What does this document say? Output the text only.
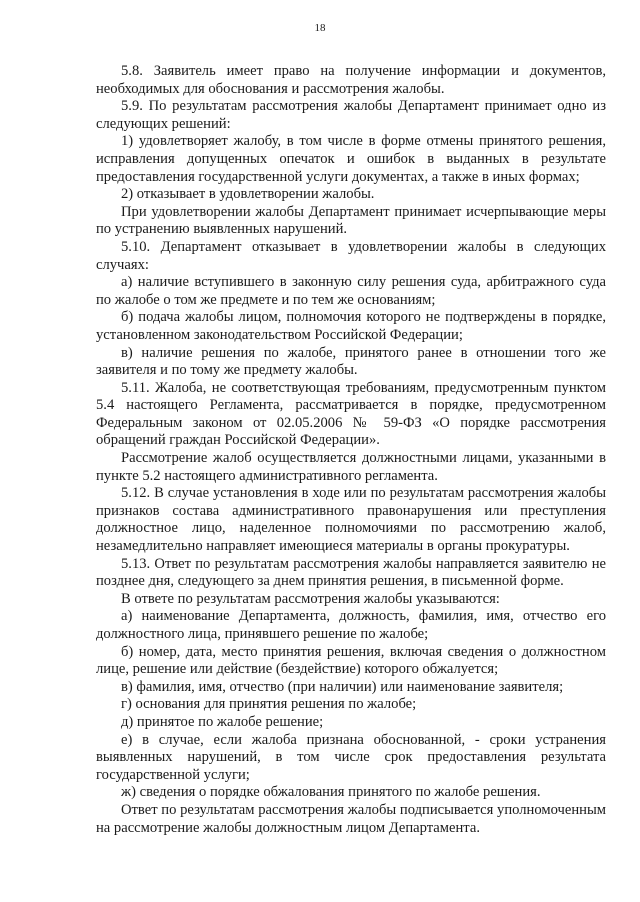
18

5.8. Заявитель имеет право на получение информации и документов, необходимых для обоснования и рассмотрения жалобы.

5.9. По результатам рассмотрения жалобы Департамент принимает одно из следующих решений:

1) удовлетворяет жалобу, в том числе в форме отмены принятого решения, исправления допущенных опечаток и ошибок в выданных в результате предоставления государственной услуги документах, а также в иных формах;

2) отказывает в удовлетворении жалобы.

При удовлетворении жалобы Департамент принимает исчерпывающие меры по устранению выявленных нарушений.

5.10. Департамент отказывает в удовлетворении жалобы в следующих случаях:

а) наличие вступившего в законную силу решения суда, арбитражного суда по жалобе о том же предмете и по тем же основаниям;

б) подача жалобы лицом, полномочия которого не подтверждены в порядке, установленном законодательством Российской Федерации;

в) наличие решения по жалобе, принятого ранее в отношении того же заявителя и по тому же предмету жалобы.

5.11. Жалоба, не соответствующая требованиям, предусмотренным пунктом 5.4 настоящего Регламента, рассматривается в порядке, предусмотренном Федеральным законом от 02.05.2006 № 59-ФЗ «О порядке рассмотрения обращений граждан Российской Федерации».

Рассмотрение жалоб осуществляется должностными лицами, указанными в пункте 5.2 настоящего административного регламента.

5.12. В случае установления в ходе или по результатам рассмотрения жалобы признаков состава административного правонарушения или преступления должностное лицо, наделенное полномочиями по рассмотрению жалоб, незамедлительно направляет имеющиеся материалы в органы прокуратуры.

5.13. Ответ по результатам рассмотрения жалобы направляется заявителю не позднее дня, следующего за днем принятия решения, в письменной форме.

В ответе по результатам рассмотрения жалобы указываются:

а) наименование Департамента, должность, фамилия, имя, отчество его должностного лица, принявшего решение по жалобе;

б) номер, дата, место принятия решения, включая сведения о должностном лице, решение или действие (бездействие) которого обжалуется;

в) фамилия, имя, отчество (при наличии) или наименование заявителя;

г) основания для принятия решения по жалобе;

д) принятое по жалобе решение;

е) в случае, если жалоба признана обоснованной, - сроки устранения выявленных нарушений, в том числе срок предоставления результата государственной услуги;

ж) сведения о порядке обжалования принятого по жалобе решения.

Ответ по результатам рассмотрения жалобы подписывается уполномоченным на рассмотрение жалобы должностным лицом Департамента.
